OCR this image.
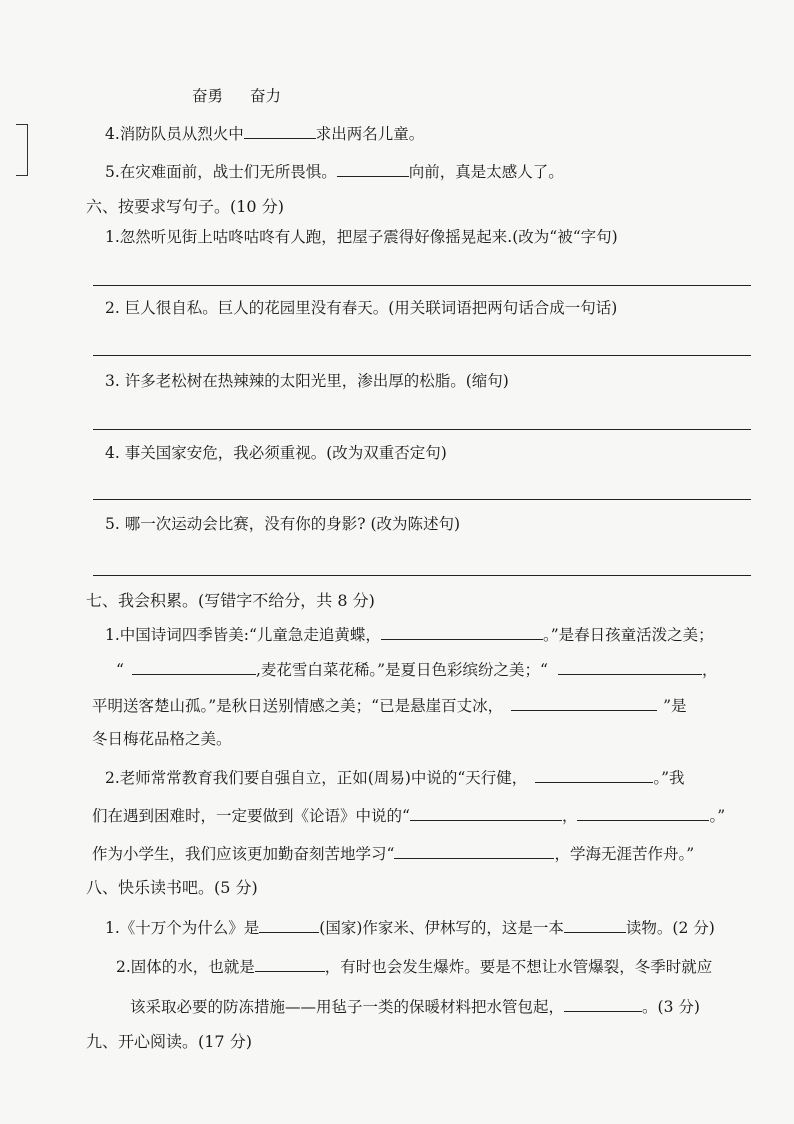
奋勇 奋力
4.消防队员从烈火中	求出两名儿童。
5.在灾难面前，战士们无所畏惧。	向前，真是太感人了。
六、按要求写句子。(10 分)
1.忽然听见街上咕咚咕咚有人跑，把屋子震得好像摇晃起来.(改为“被“字句)
2. 巨人很自私。巨人的花园里没有春天。(用关联词语把两句话合成一句话)
3. 许多老松树在热辣辣的太阳光里，渗出厚的松脂。(缩句)
4. 事关国家安危，我必须重视。(改为双重否定句)
5. 哪一次运动会比赛，没有你的身影? (改为陈述句)
七、我会积累。(写错字不给分，共 8 分)
1.中国诗词四季皆美:“儿童急走追黄蝶，	。”是春日孩童活泼之美；
“	,麦花雪白菜花稀。”是夏日色彩缤纷之美；“	，
平明送客楚山孤。”是秋日送别情感之美；“已是悬崖百丈冰，	”是
冬日梅花品格之美。
2.老师常常教育我们要自强自立，正如(周易)中说的“天行健，	。”我
们在遇到困难时，一定要做到《论语》中说的“	，	。”
作为小学生，我们应该更加勤奋刻苦地学习“	，学海无涯苦作舟。”
八、快乐读书吧。(5 分)
1.《十万个为什么》是	(国家)作家米、伊林写的，这是一本	读物。(2 分)
2.固体的水，也就是	，有时也会发生爆炸。要是不想让水管爆裂，冬季时就应
该采取必要的防冻措施——用毡子一类的保暖材料把水管包起，	。(3 分)
九、开心阅读。(17 分)
